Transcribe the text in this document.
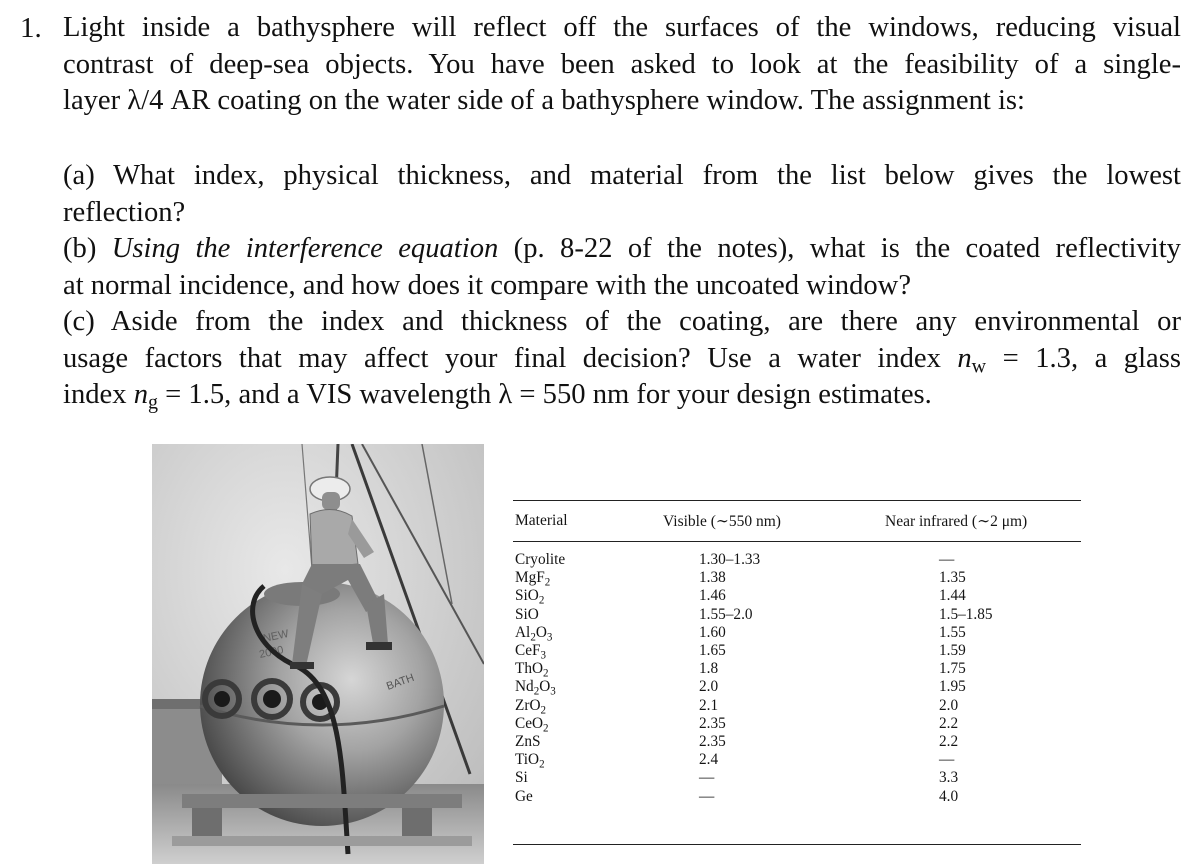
1. Light inside a bathysphere will reflect off the surfaces of the windows, reducing visual
contrast of deep-sea objects. You have been asked to look at the feasibility of a single-
layer λ/4 AR coating on the water side of a bathysphere window. The assignment is:
(a) What index, physical thickness, and material from the list below gives the lowest
reflection?
(b) Using the interference equation (p. 8-22 of the notes), what is the coated reflectivity
at normal incidence, and how does it compare with the uncoated window?
(c) Aside from the index and thickness of the coating, are there any environmental or
usage factors that may affect your final decision? Use a water index $n_w = 1.3$, a glass
index $n_g = 1.5$, and a VIS wavelength λ = 550 nm for your design estimates.
NEW
2000
BATH
Material	Visible (∼550 nm)	Near infrared (∼2 μm)
Cryolite	1.30–1.33	—
MgF$_2$	1.38	1.35
SiO$_2$	1.46	1.44
SiO	1.55–2.0	1.5–1.85
$Al_2O_3$	1.60	1.55
CeF$_3$	1.65	1.59
ThO$_2$	1.8	1.75
$Nd_2O_3$	2.0	1.95
ZrO$_2$	2.1	2.0
CeO$_2$	2.35	2.2
ZnS	2.35	2.2
TiO$_2$	2.4	—
Si	—	3.3
Ge	—	4.0
